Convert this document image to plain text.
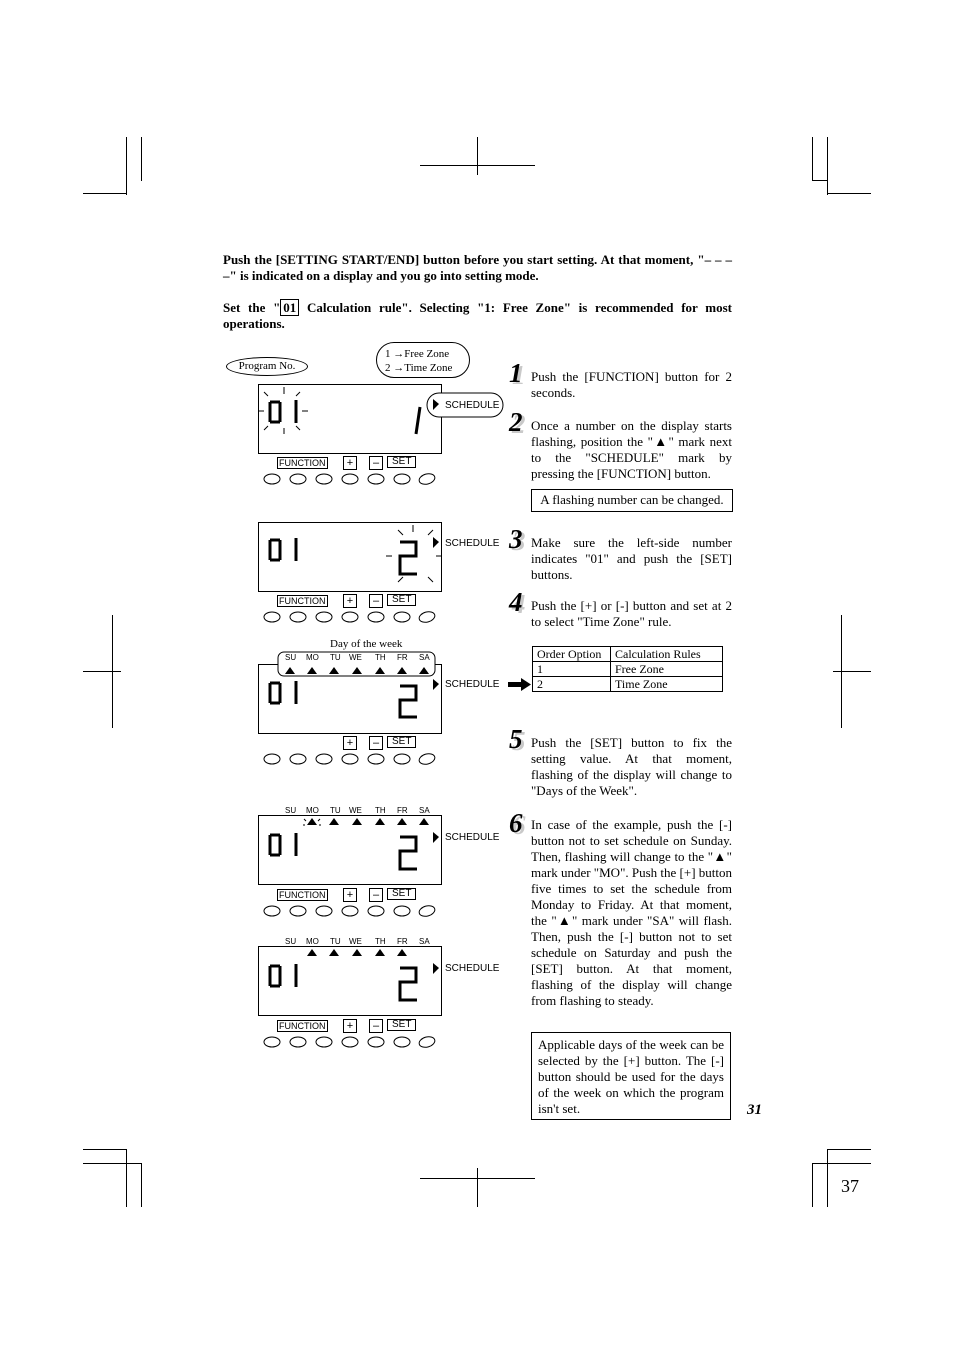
Push the [SETTING START/END] button before you start setting. At that moment, "– – – –" is indicated on a display and you go into setting mode.
Set the " 01 Calculation rule". Selecting "1: Free Zone" is recommended for most operations.
Program No.
1 →Free Zone
2 →Time Zone
SCHEDULE
SCHEDULE
Day of the week
SU MO TU WE TH FR SA
SCHEDULE
SU MO TU WE TH FR SA
SCHEDULE
SU MO TU WE TH FR SA
SCHEDULE
FUNCTION	+	–	SET
FUNCTION	+	–	SET
+	–	SET
FUNCTION	+	–	SET
FUNCTION	+	–	SET
1 Push the [FUNCTION] button for 2 seconds.
2 Once a number on the display starts flashing, position the "▲" mark next to the "SCHEDULE" mark by pressing the [FUNCTION] button.
A flashing number can be changed.
3 Make sure the left-side number indicates "01" and push the [SET] buttons.
4 Push the [+] or [-] button and set at 2 to select "Time Zone" rule.
Order Option	Calculation Rules
1	Free Zone
2	Time Zone
5 Push the [SET] button to fix the setting value. At that moment, flashing of the display will change to "Days of the Week".
6 In case of the example, push the [-] button not to set schedule on Sunday. Then, flashing will change to the "▲" mark under "MO". Push the [+] button five times to set the schedule from Monday to Friday. At that moment, the "▲" mark under "SA" will flash. Then, push the [-] button not to set schedule on Saturday and push the [SET] button. At that moment, flashing of the display will change from flashing to steady.
Applicable days of the week can be selected by the [+] button. The [-] button should be used for the days of the week on which the program isn't set.	31
37
